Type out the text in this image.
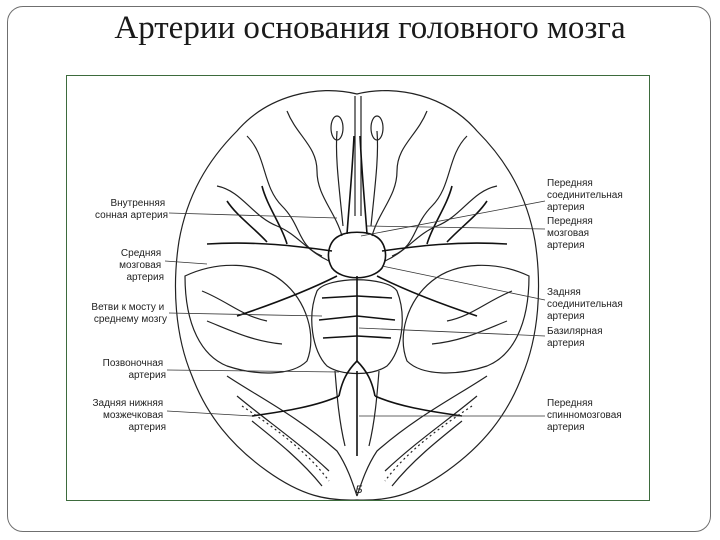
Артерии основания головного мозга
Внутренняя сонная артерия
Средняя мозговая артерия
Ветви к мосту и среднему мозгу
Позвоночная артерия
Задняя нижняя мозжечковая артерия
Передняя соединительная артерия
Передняя мозговая артерия
Задняя соединительная артерия
Базилярная артерия
Передняя спинномозговая артерия
Б
